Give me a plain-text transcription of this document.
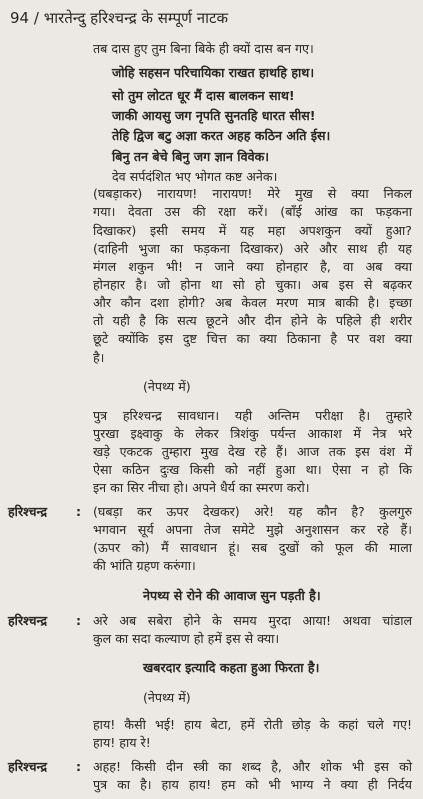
94 / भारतेन्दु हरिश्चन्द्र के सम्पूर्ण नाटक
तब दास हुए तुम बिना बिके ही क्यों दास बन गए।
जोहि सहसन परिचायिका राखत हाथहि हाथ।
सो तुम लोटत धूर मैं दास बालकन साथ!
जाकी आयसु जग नृपति सुनतहि धारत सीस!
तेहि द्विज बटु अज्ञा करत अहह कठिन अति ईस।
बिनु तन बेचे बिनु जग ज्ञान विवेक।
देव सर्पदंशित भए भोगत कष्ट अनेक।
(घबड़ाकर) नारायण! नारायण! मेरे मुख से क्या निकल
गया। देवता उस की रक्षा करें। (बाँई आंख का फड़कना
दिखाकर) इसी समय में यह महा अपशकुन क्यों हुआ?
(दाहिनी भुजा का फड़कना दिखाकर) अरे और साथ ही यह
मंगल शकुन भी! न जाने क्या होनहार है, वा अब क्या
होनहार है। जो होना था सो हो चुका। अब इस से बढ़कर
और कौन दशा होगी? अब केवल मरण मात्र बाकी है। इच्छा
तो यही है कि सत्य छूटने और दीन होने के पहिले ही शरीर
छूटे क्योंकि इस दुष्ट चित्त का क्या ठिकाना है पर वश क्या
है।
(नेपथ्य में)
पुत्र हरिश्चन्द्र सावधान। यही अन्तिम परीक्षा है। तुम्हारे
पुरखा इक्ष्वाकु के लेकर त्रिशंकु पर्यन्त आकाश में नेत्र भरे
खड़े एकटक तुम्हारा मुख देख रहे हैं। आज तक इस वंश में
ऐसा कठिन दुःख किसी को नहीं हुआ था। ऐसा न हो कि
इन का सिर नीचा हो। अपने धैर्य का स्मरण करो।
हरिश्चन्द्र : (घबड़ा कर ऊपर देखकर) अरे! यह कौन है? कुलगुरु
भगवान सूर्य अपना तेज समेटे मुझे अनुशासन कर रहे हैं।
(ऊपर को) मैं सावधान हूं। सब दुखों को फूल की माला
की भांति ग्रहण करुंगा।
नेपथ्य से रोने की आवाज सुन पड़ती है।
हरिश्चन्द्र : अरे अब सबेरा होने के समय मुरदा आया! अथवा चांडाल
कुल का सदा कल्याण हो हमें इस से क्या।
खबरदार इत्यादि कहता हुआ फिरता है।
(नेपथ्य में)
हाय! कैसी भई! हाय बेटा, हमें रोती छोड़ के कहां चले गए!
हाय! हाय रे!
हरिश्चन्द्र : अहह! किसी दीन स्त्री का शब्द है, और शोक भी इस को
पुत्र का है। हाय हाय! हम को भी भाग्य ने क्या ही निर्दय
